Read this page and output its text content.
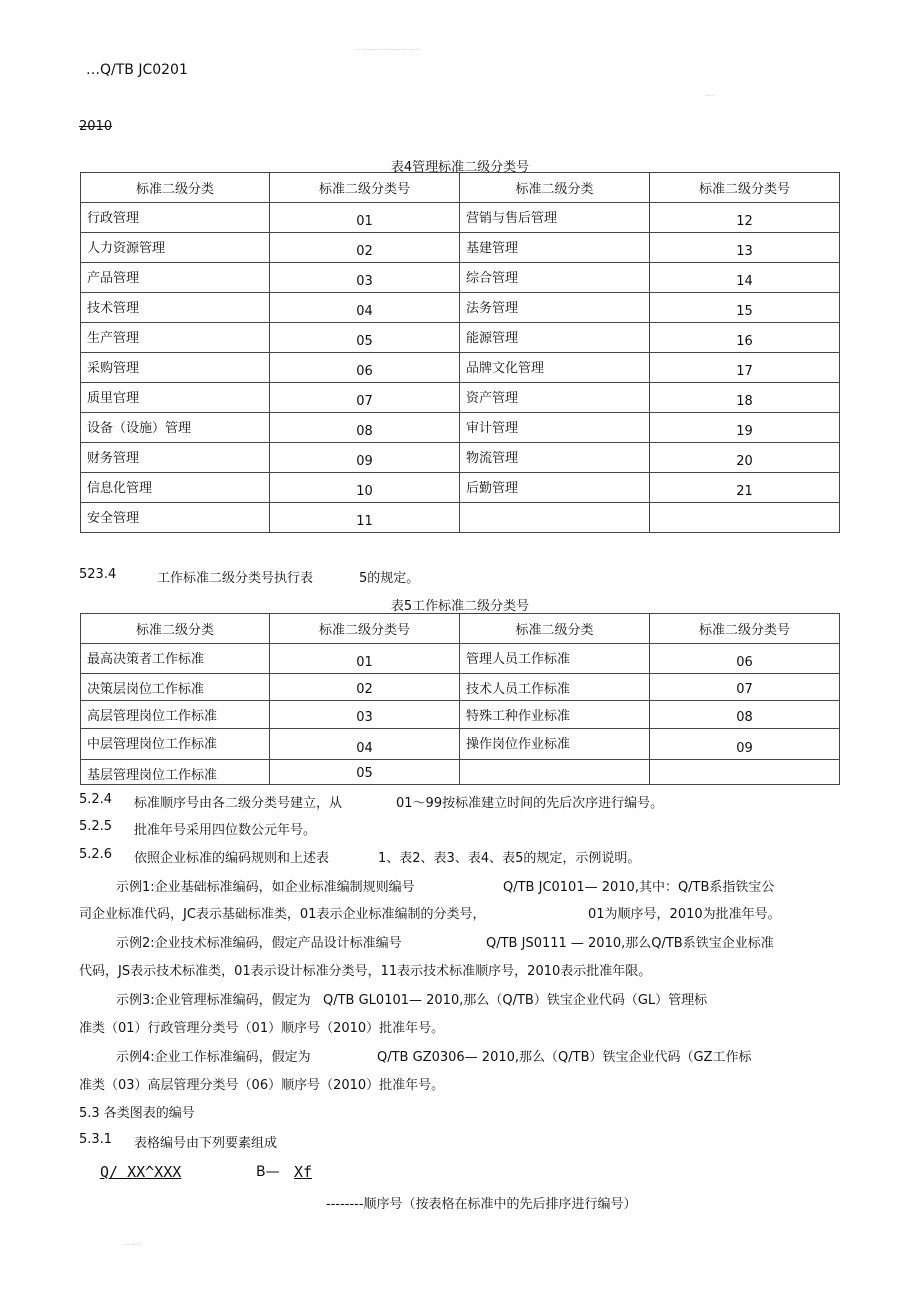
...............................
…Q/TB JC0201
....
2010
表4管理标准二级分类号
标准二级分类	标准二级分类号	标准二级分类	标准二级分类号
行政管理	01	营销与售后管理	12
人力资源管理	02	基建管理	13
产品管理	03	综合管理	14
技术管理	04	法务管理	15
生产管理	05	能源管理	16
采购管理	06	品牌文化管理	17
质里官理	07	资产管理	18
设备（设施）管理	08	审计管理	19
财务管理	09	物流管理	20
信息化管理	10	后勤管理	21
安全管理	11		
523.4	工作标准二级分类号执行表	5的规定。
表5工作标准二级分类号
标准二级分类	标准二级分类号	标准二级分类	标准二级分类号
最高决策者工作标准	01	管理人员工作标准	06
决策层岗位工作标准	02	技术人员工作标准	07
高层管理岗位工作标准	03	特殊工种作业标准	08
中层管理岗位工作标准	04	操作岗位作业标准	09
基层管理岗位工作标准	05		
5.2.4 标准顺序号由各二级分类号建立，从	01～99按标准建立时间的先后次序进行编号。
5.2.5 批准年号采用四位数公元年号。
5.2.6 依照企业标准的编码规则和上述表	1、表2、表3、表4、表5的规定，示例说明。
示例1:企业基础标准编码，如企业标准编制规则编号	Q/TB JC0101— 2010,其中：Q/TB系指铁宝公
司企业标准代码，JC表示基础标准类，01表示企业标准编制的分类号，	01为顺序号，2010为批准年号。
示例2:企业技术标准编码，假定产品设计标准编号	Q/TB JS0111 — 2010,那么Q/TB系铁宝企业标准
代码，JS表示技术标准类，01表示设计标准分类号，11表示技术标准顺序号，2010表示批准年限。
示例3:企业管理标准编码，假定为 Q/TB GL0101— 2010,那么（Q/TB）铁宝企业代码（GL）管理标
准类（01）行政管理分类号（01）顺序号（2010）批准年号。
示例4:企业工作标准编码，假定为	Q/TB GZ0306— 2010,那么（Q/TB）铁宝企业代码（GZ工作标
准类（03）高层管理分类号（06）顺序号（2010）批准年号。
5.3 各类图表的编号
5.3.1 表格编号由下列要素组成
Q/ XX^XXX	B— Xf
--------顺序号（按表格在标准中的先后排序进行编号）
........
